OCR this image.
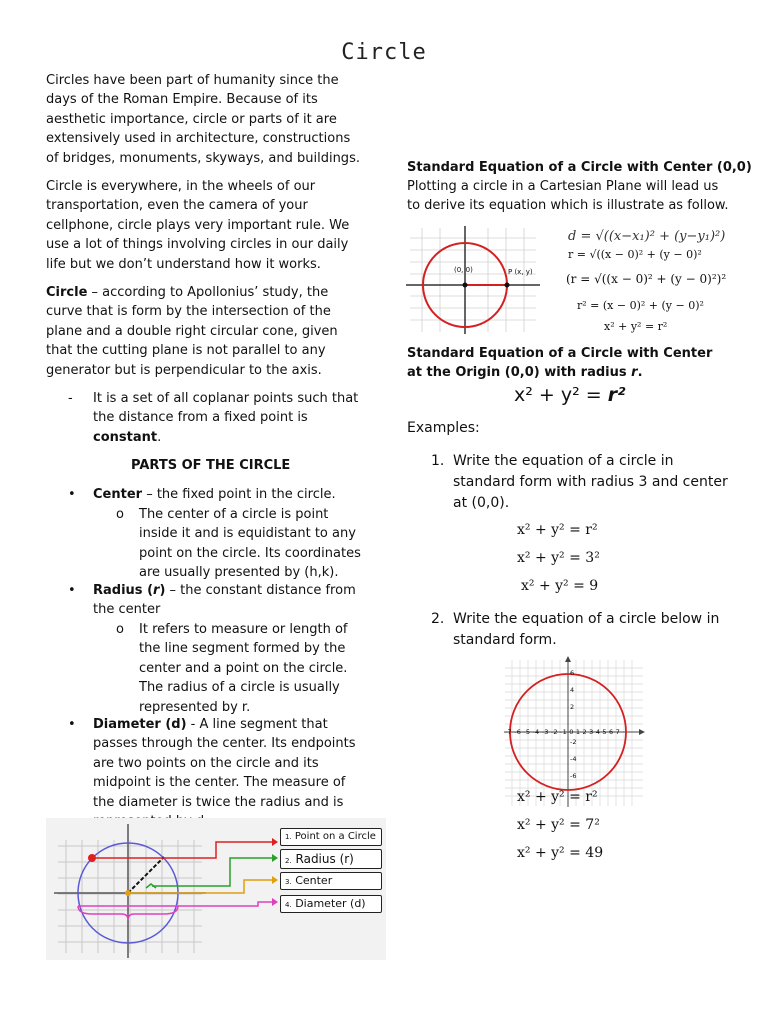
Circle
Circles have been part of humanity since the days of the Roman Empire. Because of its aesthetic importance, circle or parts of it are extensively used in architecture, constructions of bridges, monuments, skyways, and buildings.
Circle is everywhere, in the wheels of our transportation, even the camera of your cellphone, circle plays very important rule. We use a lot of things involving circles in our daily life but we don’t understand how it works.
Circle – according to Apollonius’ study, the curve that is form by the intersection of the plane and a double right circular cone, given that the cutting plane is not parallel to any generator but is perpendicular to the axis.
- It is a set of all coplanar points such that the distance from a fixed point is constant.
PARTS OF THE CIRCLE
• Center – the fixed point in the circle.
o The center of a circle is point inside it and is equidistant to any point on the circle. Its coordinates are usually presented by (h,k).
• Radius (r) – the constant distance from the center
o It refers to measure or length of the line segment formed by the center and a point on the circle. The radius of a circle is usually represented by r.
• Diameter (d) - A line segment that passes through the center. Its endpoints are two points on the circle and its midpoint is the center. The measure of the diameter is twice the radius and is
1. Point on a Circle
2. Radius (r)
3. Center
4. Diameter (d)
Standard Equation of a Circle with Center (0,0)
Plotting a circle in a Cartesian Plane will lead us to derive its equation which is illustrate as follow.
(0, 0)	P (x, y)
d = √((x−x₁)² + (y−y₁)²)
r = √((x − 0)² + (y − 0)²
(r = √((x − 0)² + (y − 0)²)²
r² = (x − 0)² + (y − 0)²
x² + y² = r²
Standard Equation of a Circle with Center at the Origin (0,0) with radius r.
x² + y² = r²
Examples:
1. Write the equation of a circle in standard form with radius 3 and center at (0,0).
x² + y² = r²
x² + y² = 3²
x² + y² = 9
2. Write the equation of a circle below in standard form.
-7 -6 -5 -4 -3 -2 -1 0 1 2 3 4 5 6 7
6
4
2
-2
-4
-6
x² + y² = r²
x² + y² = 7²
x² + y² = 49
